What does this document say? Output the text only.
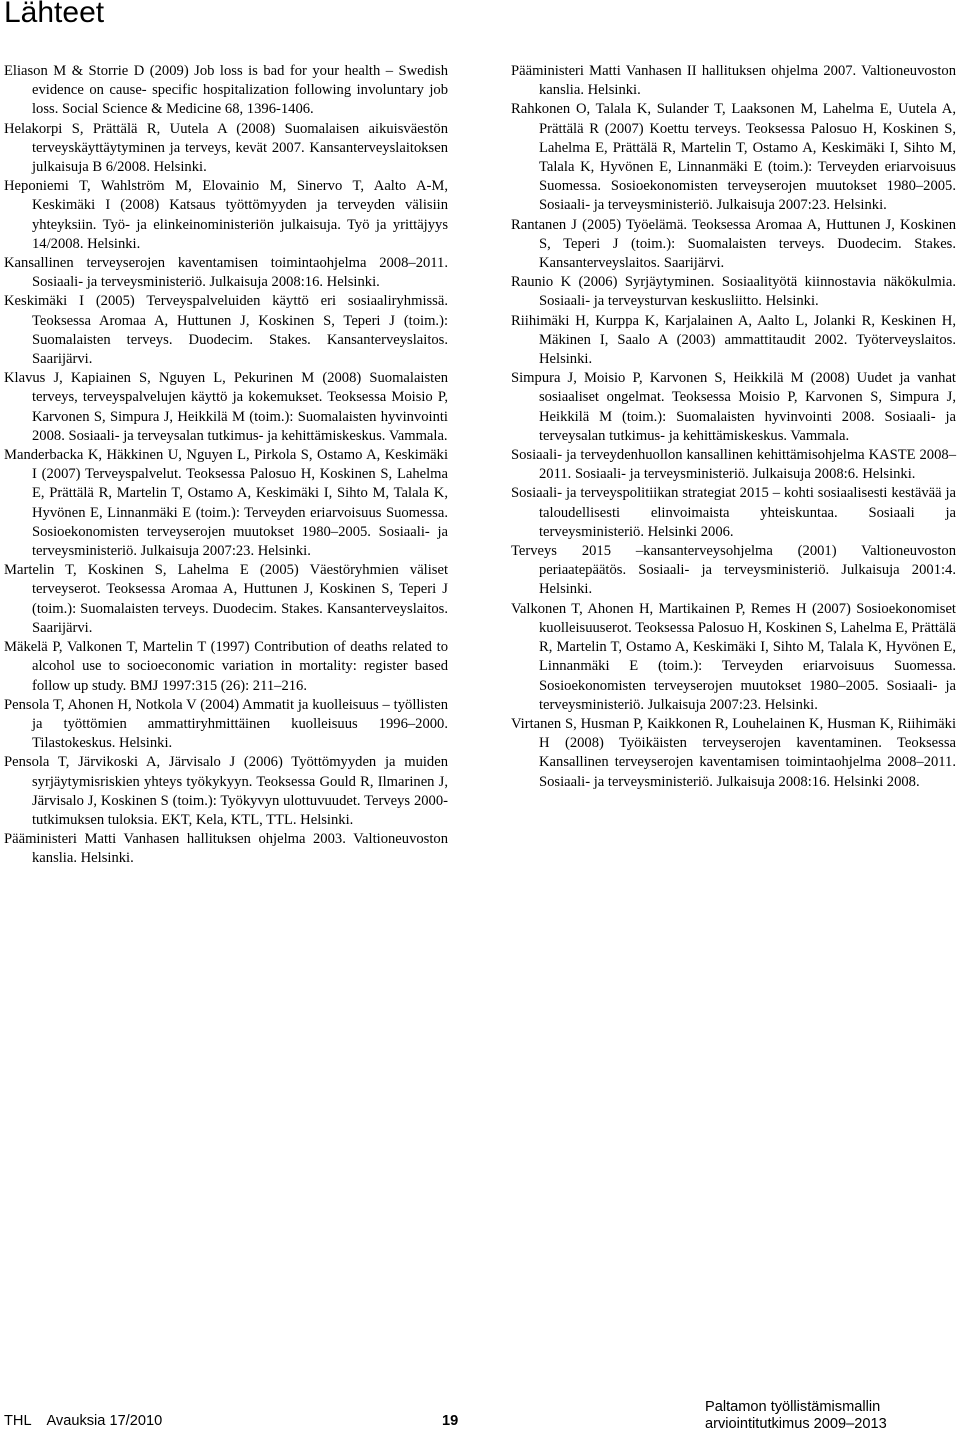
Lähteet

Eliason M & Storrie D (2009) Job loss is bad for your health – Swedish evidence on cause- specific hospitalization following involuntary job loss. Social Science & Medicine 68, 1396-1406.

Helakorpi S, Prättälä R, Uutela A (2008) Suomalaisen aikuisväestön terveyskäyttäytyminen ja terveys, kevät 2007. Kansanterveyslaitoksen julkaisuja B 6/2008. Helsinki.

Heponiemi T, Wahlström M, Elovainio M, Sinervo T, Aalto A-M, Keskimäki I (2008) Katsaus työttömyyden ja terveyden välisiin yhteyksiin. Työ- ja elinkeinoministeriön julkaisuja. Työ ja yrittäjyys 14/2008. Helsinki.

Kansallinen terveyserojen kaventamisen toimintaohjelma 2008–2011. Sosiaali- ja terveysministeriö. Julkaisuja 2008:16. Helsinki.

Keskimäki I (2005) Terveyspalveluiden käyttö eri sosiaaliryhmissä. Teoksessa Aromaa A, Huttunen J, Koskinen S, Teperi J (toim.): Suomalaisten terveys. Duodecim. Stakes. Kansanterveyslaitos. Saarijärvi.

Klavus J, Kapiainen S, Nguyen L, Pekurinen M (2008) Suomalaisten terveys, terveyspalvelujen käyttö ja kokemukset. Teoksessa Moisio P, Karvonen S, Simpura J, Heikkilä M (toim.): Suomalaisten hyvinvointi 2008. Sosiaali- ja terveysalan tutkimus- ja kehittämiskeskus. Vammala.

Manderbacka K, Häkkinen U, Nguyen L, Pirkola S, Ostamo A, Keskimäki I (2007) Terveyspalvelut. Teoksessa Palosuo H, Koskinen S, Lahelma E, Prättälä R, Martelin T, Ostamo A, Keskimäki I, Sihto M, Talala K, Hyvönen E, Linnanmäki E (toim.): Terveyden eriarvoisuus Suomessa. Sosioekonomisten terveyserojen muutokset 1980–2005. Sosiaali- ja terveysministeriö. Julkaisuja 2007:23. Helsinki.

Martelin T, Koskinen S, Lahelma E (2005) Väestöryhmien väliset terveyserot. Teoksessa Aromaa A, Huttunen J, Koskinen S, Teperi J (toim.): Suomalaisten terveys. Duodecim. Stakes. Kansanterveyslaitos. Saarijärvi.

Mäkelä P, Valkonen T, Martelin T (1997) Contribution of deaths related to alcohol use to socioeconomic variation in mortality: register based follow up study. BMJ 1997:315 (26): 211–216.

Pensola T, Ahonen H, Notkola V (2004) Ammatit ja kuolleisuus – työllisten ja työttömien ammattiryhmittäinen kuolleisuus 1996–2000. Tilastokeskus. Helsinki.

Pensola T, Järvikoski A, Järvisalo J (2006) Työttömyyden ja muiden syrjäytymisriskien yhteys työkykyyn. Teoksessa Gould R, Ilmarinen J, Järvisalo J, Koskinen S (toim.): Työkyvyn ulottuvuudet. Terveys 2000-tutkimuksen tuloksia. EKT, Kela, KTL, TTL. Helsinki.

Pääministeri Matti Vanhasen hallituksen ohjelma 2003. Valtioneuvoston kanslia. Helsinki.

Pääministeri Matti Vanhasen II hallituksen ohjelma 2007. Valtioneuvoston kanslia. Helsinki.

Rahkonen O, Talala K, Sulander T, Laaksonen M, Lahelma E, Uutela A, Prättälä R (2007) Koettu terveys. Teoksessa Palosuo H, Koskinen S, Lahelma E, Prättälä R, Martelin T, Ostamo A, Keskimäki I, Sihto M, Talala K, Hyvönen E, Linnanmäki E (toim.): Terveyden eriarvoisuus Suomessa. Sosioekonomisten terveyserojen muutokset 1980–2005. Sosiaali- ja terveysministeriö. Julkaisuja 2007:23. Helsinki.

Rantanen J (2005) Työelämä. Teoksessa Aromaa A, Huttunen J, Koskinen S, Teperi J (toim.): Suomalaisten terveys. Duodecim. Stakes. Kansanterveyslaitos. Saarijärvi.

Raunio K (2006) Syrjäytyminen. Sosiaalityötä kiinnostavia näkökulmia. Sosiaali- ja terveysturvan keskusliitto. Helsinki.

Riihimäki H, Kurppa K, Karjalainen A, Aalto L, Jolanki R, Keskinen H, Mäkinen I, Saalo A (2003) ammattitaudit 2002. Työterveyslaitos. Helsinki.

Simpura J, Moisio P, Karvonen S, Heikkilä M (2008) Uudet ja vanhat sosiaaliset ongelmat. Teoksessa Moisio P, Karvonen S, Simpura J, Heikkilä M (toim.): Suomalaisten hyvinvointi 2008. Sosiaali- ja terveysalan tutkimus- ja kehittämiskeskus. Vammala.

Sosiaali- ja terveydenhuollon kansallinen kehittämisohjelma KASTE 2008–2011. Sosiaali- ja terveysministeriö. Julkaisuja 2008:6. Helsinki.

Sosiaali- ja terveyspolitiikan strategiat 2015 – kohti sosiaalisesti kestävää ja taloudellisesti elinvoimaista yhteiskuntaa. Sosiaali ja terveysministeriö. Helsinki 2006.

Terveys 2015 –kansanterveysohjelma (2001) Valtioneuvoston periaatepäätös. Sosiaali- ja terveysministeriö. Julkaisuja 2001:4. Helsinki.

Valkonen T, Ahonen H, Martikainen P, Remes H (2007) Sosioekonomiset kuolleisuuserot. Teoksessa Palosuo H, Koskinen S, Lahelma E, Prättälä R, Martelin T, Ostamo A, Keskimäki I, Sihto M, Talala K, Hyvönen E, Linnanmäki E (toim.): Terveyden eriarvoisuus Suomessa. Sosioekonomisten terveyserojen muutokset 1980–2005. Sosiaali- ja terveysministeriö. Julkaisuja 2007:23. Helsinki.

Virtanen S, Husman P, Kaikkonen R, Louhelainen K, Husman K, Riihimäki H (2008) Työikäisten terveyserojen kaventaminen. Teoksessa Kansallinen terveyserojen kaventamisen toimintaohjelma 2008–2011. Sosiaali- ja terveysministeriö. Julkaisuja 2008:16. Helsinki 2008.

THL    Avauksia 17/2010	19
Paltamon työllistämismallin
arviointitutkimus 2009–2013
